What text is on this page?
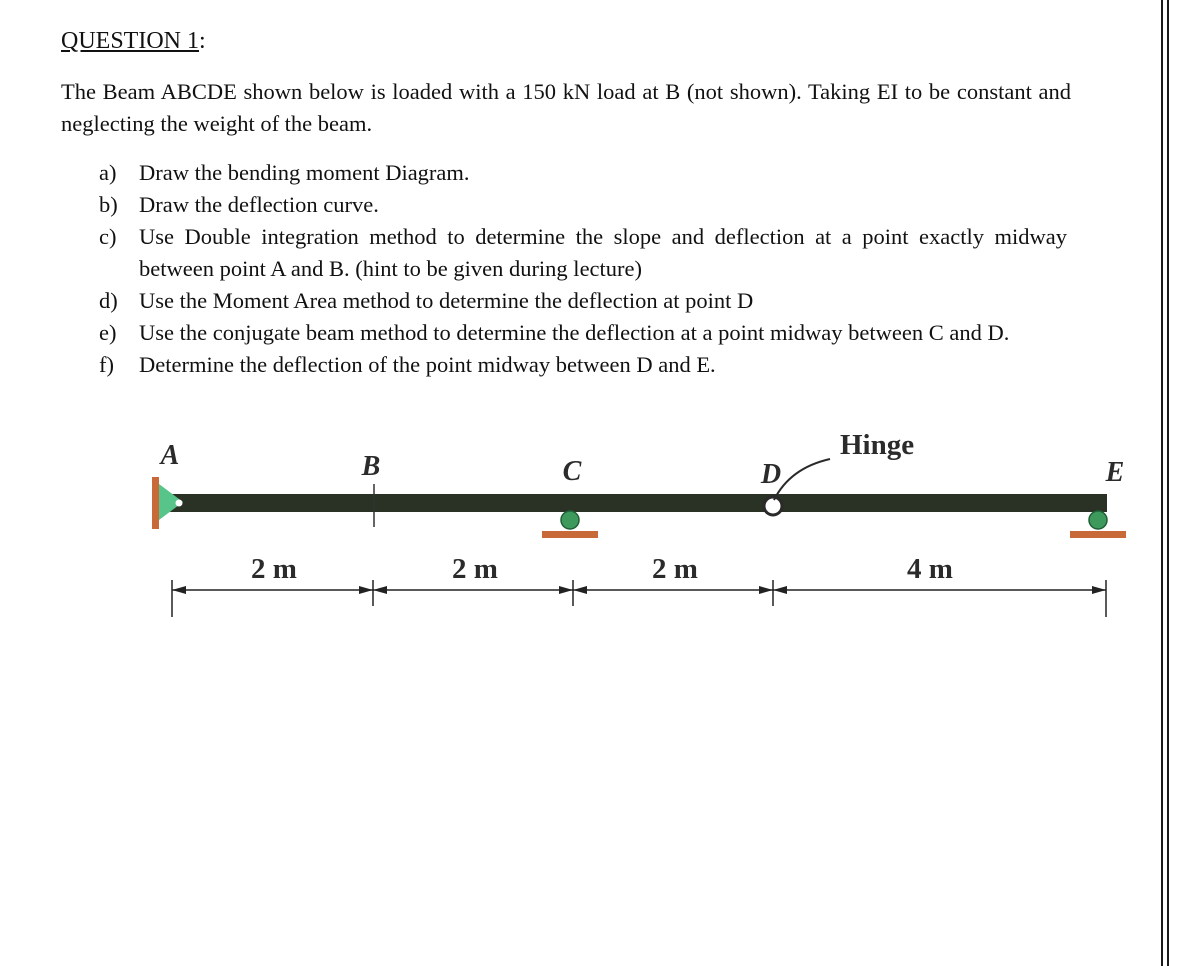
QUESTION 1:
The Beam ABCDE shown below is loaded with a 150 kN load at B (not shown). Taking EI to be constant and neglecting the weight of the beam.
a) Draw the bending moment Diagram.
b) Draw the deflection curve.
c) Use Double integration method to determine the slope and deflection at a point exactly midway between point A and B. (hint to be given during lecture)
d) Use the Moment Area method to determine the deflection at point D
e) Use the conjugate beam method to determine the deflection at a point midway between C and D.
f) Determine the deflection of the point midway between D and E.
A	B	C	D	E
Hinge
2 m	2 m	2 m	4 m
